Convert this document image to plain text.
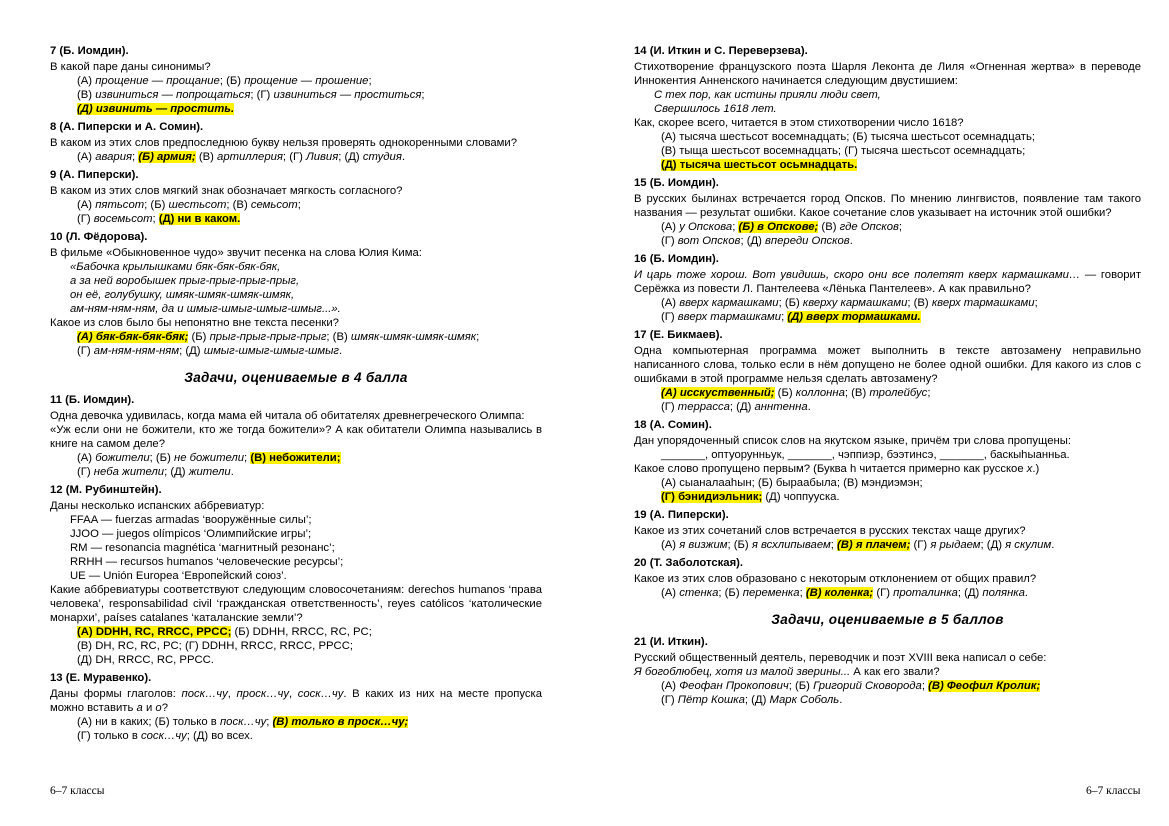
7 (Б. Иомдин).

В какой паре даны синонимы?

(А) прощение — прощание; (Б) прощение — прошение;

(В) извиниться — попрощаться; (Г) извиниться — проститься;

(Д) извинить — простить.

8 (А. Пиперски и А. Сомин).

В каком из этих слов предпоследнюю букву нельзя проверять однокоренными словами?

(А) авария; (Б) армия; (В) артиллерия; (Г) Ливия; (Д) студия.

9 (А. Пиперски).

В каком из этих слов мягкий знак обозначает мягкость согласного?

(А) пятьсот; (Б) шестьсот; (В) семьсот;

(Г) восемьсот; (Д) ни в каком.

10 (Л. Фёдорова).

В фильме «Обыкновенное чудо» звучит песенка на слова Юлия Кима:

«Бабочка крылышками бяк-бяк-бяк-бяк,

а за ней воробышек прыг-прыг-прыг-прыг,

он её, голубушку, шмяк-шмяк-шмяк-шмяк,

ам-ням-ням-ням, да и шмыг-шмыг-шмыг-шмыг...».

Какое из слов было бы непонятно вне текста песенки?

(А) бяк-бяк-бяк-бяк; (Б) прыг-прыг-прыг-прыг; (В) шмяк-шмяк-шмяк-шмяк;

(Г) ам-ням-ням-ням; (Д) шмыг-шмыг-шмыг-шмыг.

Задачи, оцениваемые в 4 балла
11 (Б. Иомдин).

Одна девочка удивилась, когда мама ей читала об обитателях древнегреческого Олимпа:

«Уж если они не божители, кто же тогда божители»? А как обитатели Олимпа назывались в книге на самом деле?

(А) божители; (Б) не божители; (В) небожители;

(Г) небa жители; (Д) жители.

12 (М. Рубинштейн).

Даны несколько испанских аббревиатур:

FFAA — fuerzas armadas ‘вооружённые силы’;

JJOO — juegos olímpicos ‘Олимпийские игры’;

RM — resonancia magnética ‘магнитный резонанс’;

RRHH — recursos humanos ‘человеческие ресурсы’;

UE — Unión Europea ‘Европейский союз’.

Какие аббревиатуры соответствуют следующим словосочетаниям: derechos humanos ‘права человека’, responsabilidad civil ‘гражданская ответственность’, reyes católicos ‘католические монархи’, países catalanes ‘каталанские земли’?

(А) DDHH, RC, RRCC, PPCC; (Б) DDHH, RRCC, RC, PC;

(В) DH, RC, RC, PC; (Г) DDHH, RRCC, RRCC, PPCC;

(Д) DH, RRCC, RC, PPCC.

13 (Е. Муравенко).

Даны формы глаголов: поск…чу, проск…чу, соск…чу. В каких из них на месте пропуска можно вставить а и о?

(А) ни в каких; (Б) только в поск…чу; (В) только в проск…чу;

(Г) только в соск…чу; (Д) во всех.

14 (И. Иткин и С. Переверзева).

Стихотворение французского поэта Шарля Леконта де Лиля «Огненная жертва» в переводе Иннокентия Анненского начинается следующим двустишием:

С тех пор, как истины прияли люди свет,

Свершилось 1618 лет.

Как, скорее всего, читается в этом стихотворении число 1618?

(А) тысяча шестьсот восемнадцать; (Б) тысяча шестьсот осемнадцать;

(В) тыща шестьсот восемнадцать; (Г) тысяча шестьсот осемнадцать;

(Д) тысяча шестьсот осьмнадцать.

15 (Б. Иомдин).

В русских былинах встречается город Опсков. По мнению лингвистов, появление там такого названия — результат ошибки. Какое сочетание слов указывает на источник этой ошибки?

(А) у Опскова; (Б) в Опскове; (В) где Опсков;

(Г) вот Опсков; (Д) впереди Опсков.

16 (Б. Иомдин).

И царь тоже хорош. Вот увидишь, скоро они все полетят кверх кармашками… — говорит Серёжка из повести Л. Пантелеева «Лёнька Пантелеев». А как правильно?

(А) вверх кармашками; (Б) кверху кармашками; (В) кверх тармашками;

(Г) вверх тармашками; (Д) вверх тормашками.

17 (Е. Бикмаев).

Одна компьютерная программа может выполнить в тексте автозамену неправильно написанного слова, только если в нём допущено не более одной ошибки. Для какого из слов с ошибками в этой программе нельзя сделать автозамену?

(А) исскуственный; (Б) коллонна; (В) тролейбус;

(Г) терраcса; (Д) аннтенна.

18 (А. Сомин).

Дан упорядоченный список слов на якутском языке, причём три слова пропущены:

_______, оптуорунньук, _______, чэппиэр, бээтинсэ, _______, баскыһыанньа.

Какое слово пропущено первым? (Буква һ читается примерно как русское х.)

(А) сыаналааһын; (Б) быраабыла; (В) мэндиэмэн;

(Г) бэнидиэльник; (Д) чоппууска.

19 (А. Пиперски).

Какое из этих сочетаний слов встречается в русских текстах чаще других?

(А) я визжим; (Б) я всхлипываем; (В) я плачем; (Г) я рыдаем; (Д) я скулим.

20 (Т. Заболотская).

Какое из этих слов образовано с некоторым отклонением от общих правил?

(А) стенка; (Б) переменка; (В) коленка; (Г) проталинка; (Д) полянка.

Задачи, оцениваемые в 5 баллов
21 (И. Иткин).

Русский общественный деятель, переводчик и поэт XVIII века написал о себе:

Я богоблюбец, хотя из малой зверины... А как его звали?

(А) Феофан Прокопович; (Б) Григорий Сковорода; (В) Феофил Кролик;

(Г) Пётр Кошка; (Д) Марк Соболь.

6–7 классы	6–7 классы
